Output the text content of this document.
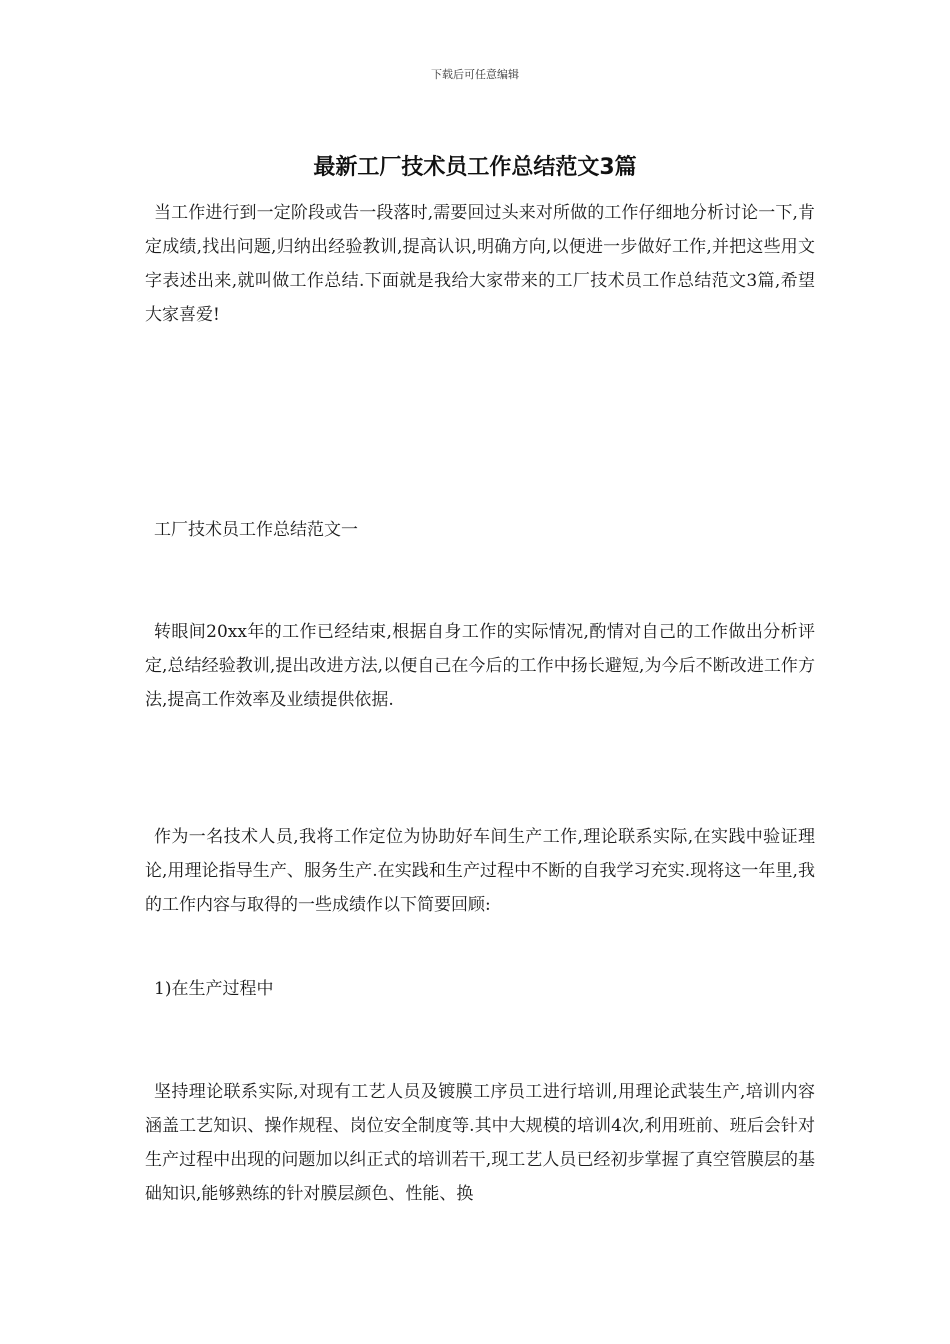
下载后可任意编辑
最新工厂技术员工作总结范文3篇

当工作进行到一定阶段或告一段落时,需要回过头来对所做的工作仔细地分析讨论一下,肯定成绩,找出问题,归纳出经验教训,提高认识,明确方向,以便进一步做好工作,并把这些用文字表述出来,就叫做工作总结.下面就是我给大家带来的工厂技术员工作总结范文3篇,希望大家喜爱!

工厂技术员工作总结范文一

转眼间20xx年的工作已经结束,根据自身工作的实际情况,酌情对自己的工作做出分析评定,总结经验教训,提出改进方法,以便自己在今后的工作中扬长避短,为今后不断改进工作方法,提高工作效率及业绩提供依据.

作为一名技术人员,我将工作定位为协助好车间生产工作,理论联系实际,在实践中验证理论,用理论指导生产、服务生产.在实践和生产过程中不断的自我学习充实.现将这一年里,我的工作内容与取得的一些成绩作以下简要回顾:

1)在生产过程中

坚持理论联系实际,对现有工艺人员及镀膜工序员工进行培训,用理论武装生产,培训内容涵盖工艺知识、操作规程、岗位安全制度等.其中大规模的培训4次,利用班前、班后会针对生产过程中出现的问题加以纠正式的培训若干,现工艺人员已经初步掌握了真空管膜层的基础知识,能够熟练的针对膜层颜色、性能、换
